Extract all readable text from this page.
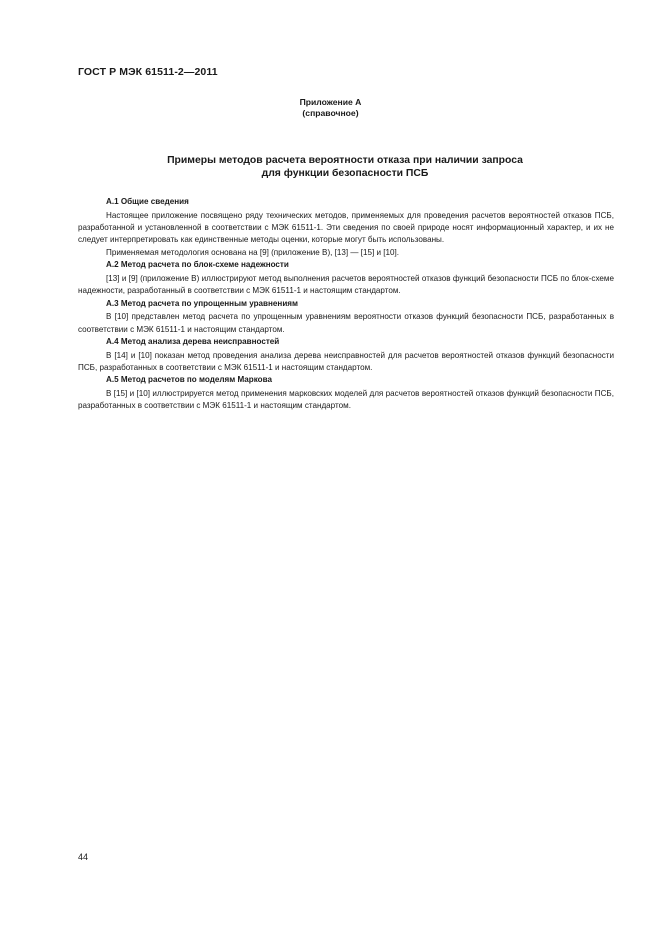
ГОСТ Р МЭК 61511-2—2011
Приложение А
(справочное)
Примеры методов расчета вероятности отказа при наличии запроса
для функции безопасности ПСБ

А.1 Общие сведения

Настоящее приложение посвящено ряду технических методов, применяемых для проведения расчетов вероятностей отказов ПСБ, разработанной и установленной в соответствии с МЭК 61511-1. Эти сведения по своей природе носят информационный характер, и их не следует интерпретировать как единственные методы оценки, которые могут быть использованы.

Применяемая методология основана на [9] (приложение В), [13] — [15] и [10].

А.2 Метод расчета по блок-схеме надежности

[13] и [9] (приложение В) иллюстрируют метод выполнения расчетов вероятностей отказов функций безопасности ПСБ по блок-схеме надежности, разработанный в соответствии с МЭК 61511-1 и настоящим стандартом.

А.3 Метод расчета по упрощенным уравнениям

В [10] представлен метод расчета по упрощенным уравнениям вероятности отказов функций безопасности ПСБ, разработанных в соответствии с МЭК 61511-1 и настоящим стандартом.

А.4 Метод анализа дерева неисправностей

В [14] и [10] показан метод проведения анализа дерева неисправностей для расчетов вероятностей отказов функций безопасности ПСБ, разработанных в соответствии с МЭК 61511-1 и настоящим стандартом.

А.5 Метод расчетов по моделям Маркова

В [15] и [10] иллюстрируется метод применения марковских моделей для расчетов вероятностей отказов функций безопасности ПСБ, разработанных в соответствии с МЭК 61511-1 и настоящим стандартом.

44
